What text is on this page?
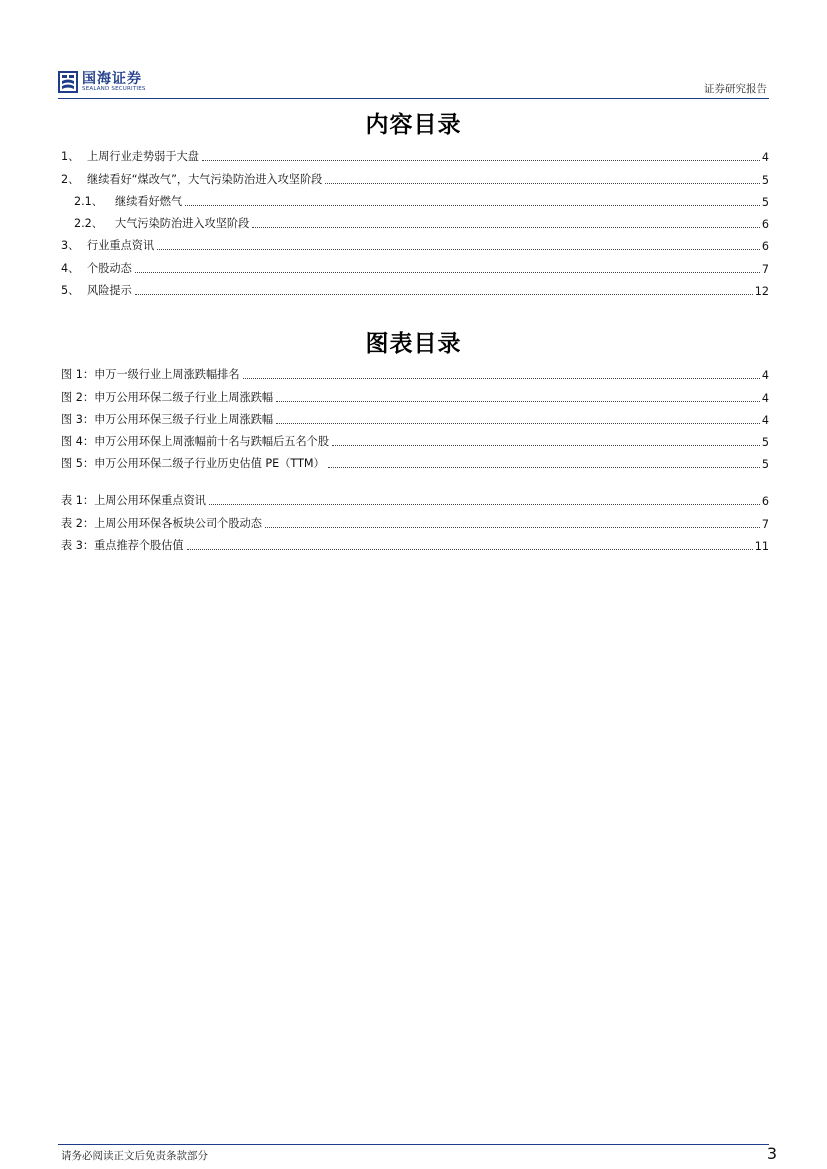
国海证券
SEALAND SECURITIES	证券研究报告
内容目录
1、 上周行业走势弱于大盘	4
2、 继续看好“煤改气”，大气污染防治进入攻坚阶段	5
2.1、	继续看好燃气	5
2.2、	大气污染防治进入攻坚阶段	6
3、 行业重点资讯	6
4、 个股动态	7
5、 风险提示	12
图表目录
图 1： 申万一级行业上周涨跌幅排名	4
图 2： 申万公用环保二级子行业上周涨跌幅	4
图 3： 申万公用环保三级子行业上周涨跌幅	4
图 4： 申万公用环保上周涨幅前十名与跌幅后五名个股	5
图 5： 申万公用环保二级子行业历史估值 PE（TTM）	5
表 1： 上周公用环保重点资讯	6
表 2： 上周公用环保各板块公司个股动态	7
表 3： 重点推荐个股估值	11
请务必阅读正文后免责条款部分	3
